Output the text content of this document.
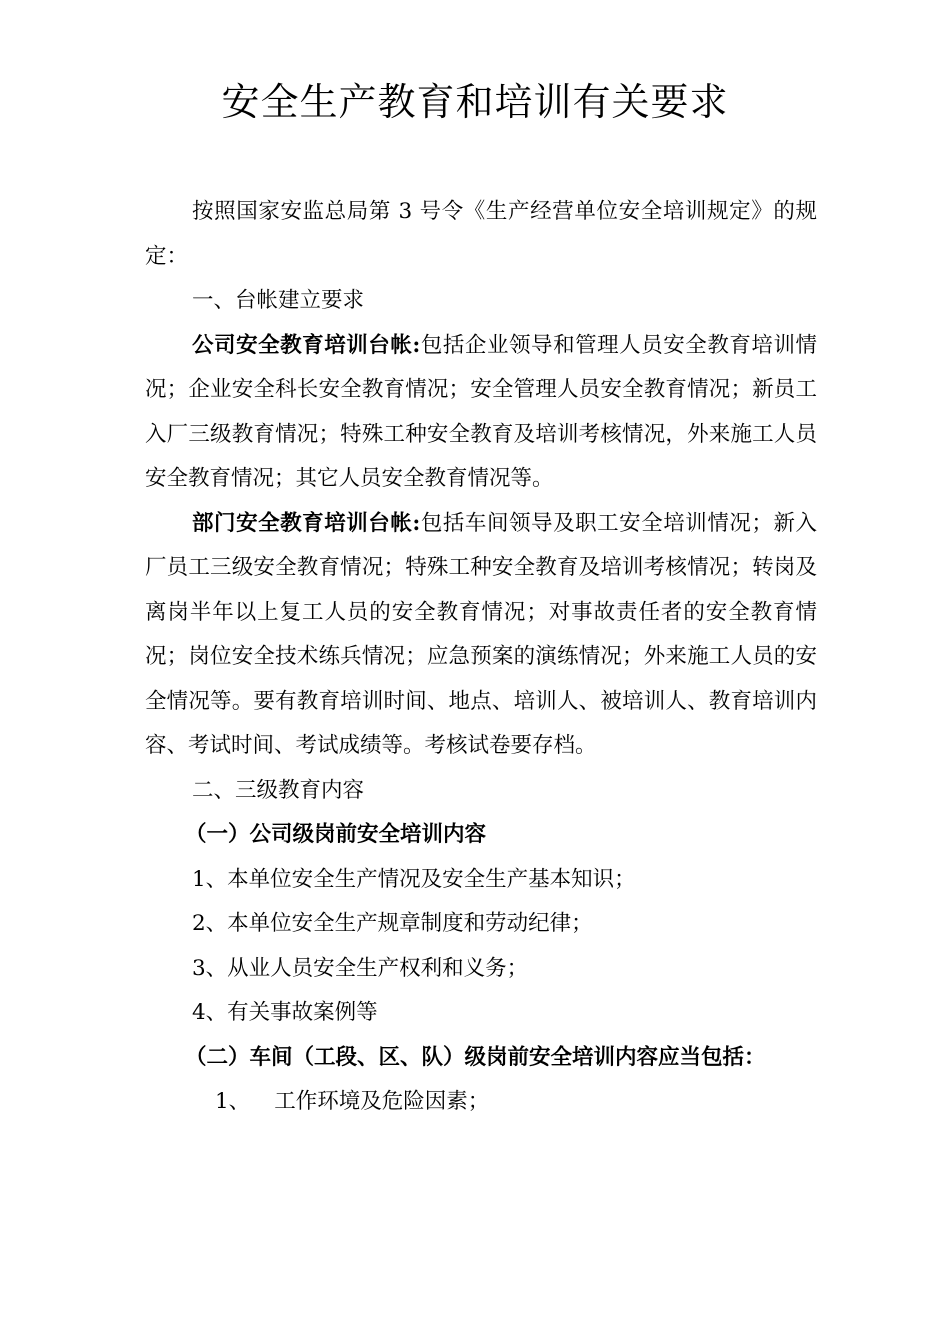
安全生产教育和培训有关要求

按照国家安监总局第 3 号令《生产经营单位安全培训规定》的规定：

一、台帐建立要求

公司安全教育培训台帐:包括企业领导和管理人员安全教育培训情况；企业安全科长安全教育情况；安全管理人员安全教育情况；新员工入厂三级教育情况；特殊工种安全教育及培训考核情况，外来施工人员安全教育情况；其它人员安全教育情况等。

部门安全教育培训台帐:包括车间领导及职工安全培训情况；新入厂员工三级安全教育情况；特殊工种安全教育及培训考核情况；转岗及离岗半年以上复工人员的安全教育情况；对事故责任者的安全教育情况；岗位安全技术练兵情况；应急预案的演练情况；外来施工人员的安全情况等。要有教育培训时间、地点、培训人、被培训人、教育培训内容、考试时间、考试成绩等。考核试卷要存档。

二、三级教育内容

（一）公司级岗前安全培训内容

1、本单位安全生产情况及安全生产基本知识；

2、本单位安全生产规章制度和劳动纪律；

3、从业人员安全生产权利和义务；

4、有关事故案例等

（二）车间（工段、区、队）级岗前安全培训内容应当包括：

1、 工作环境及危险因素；
